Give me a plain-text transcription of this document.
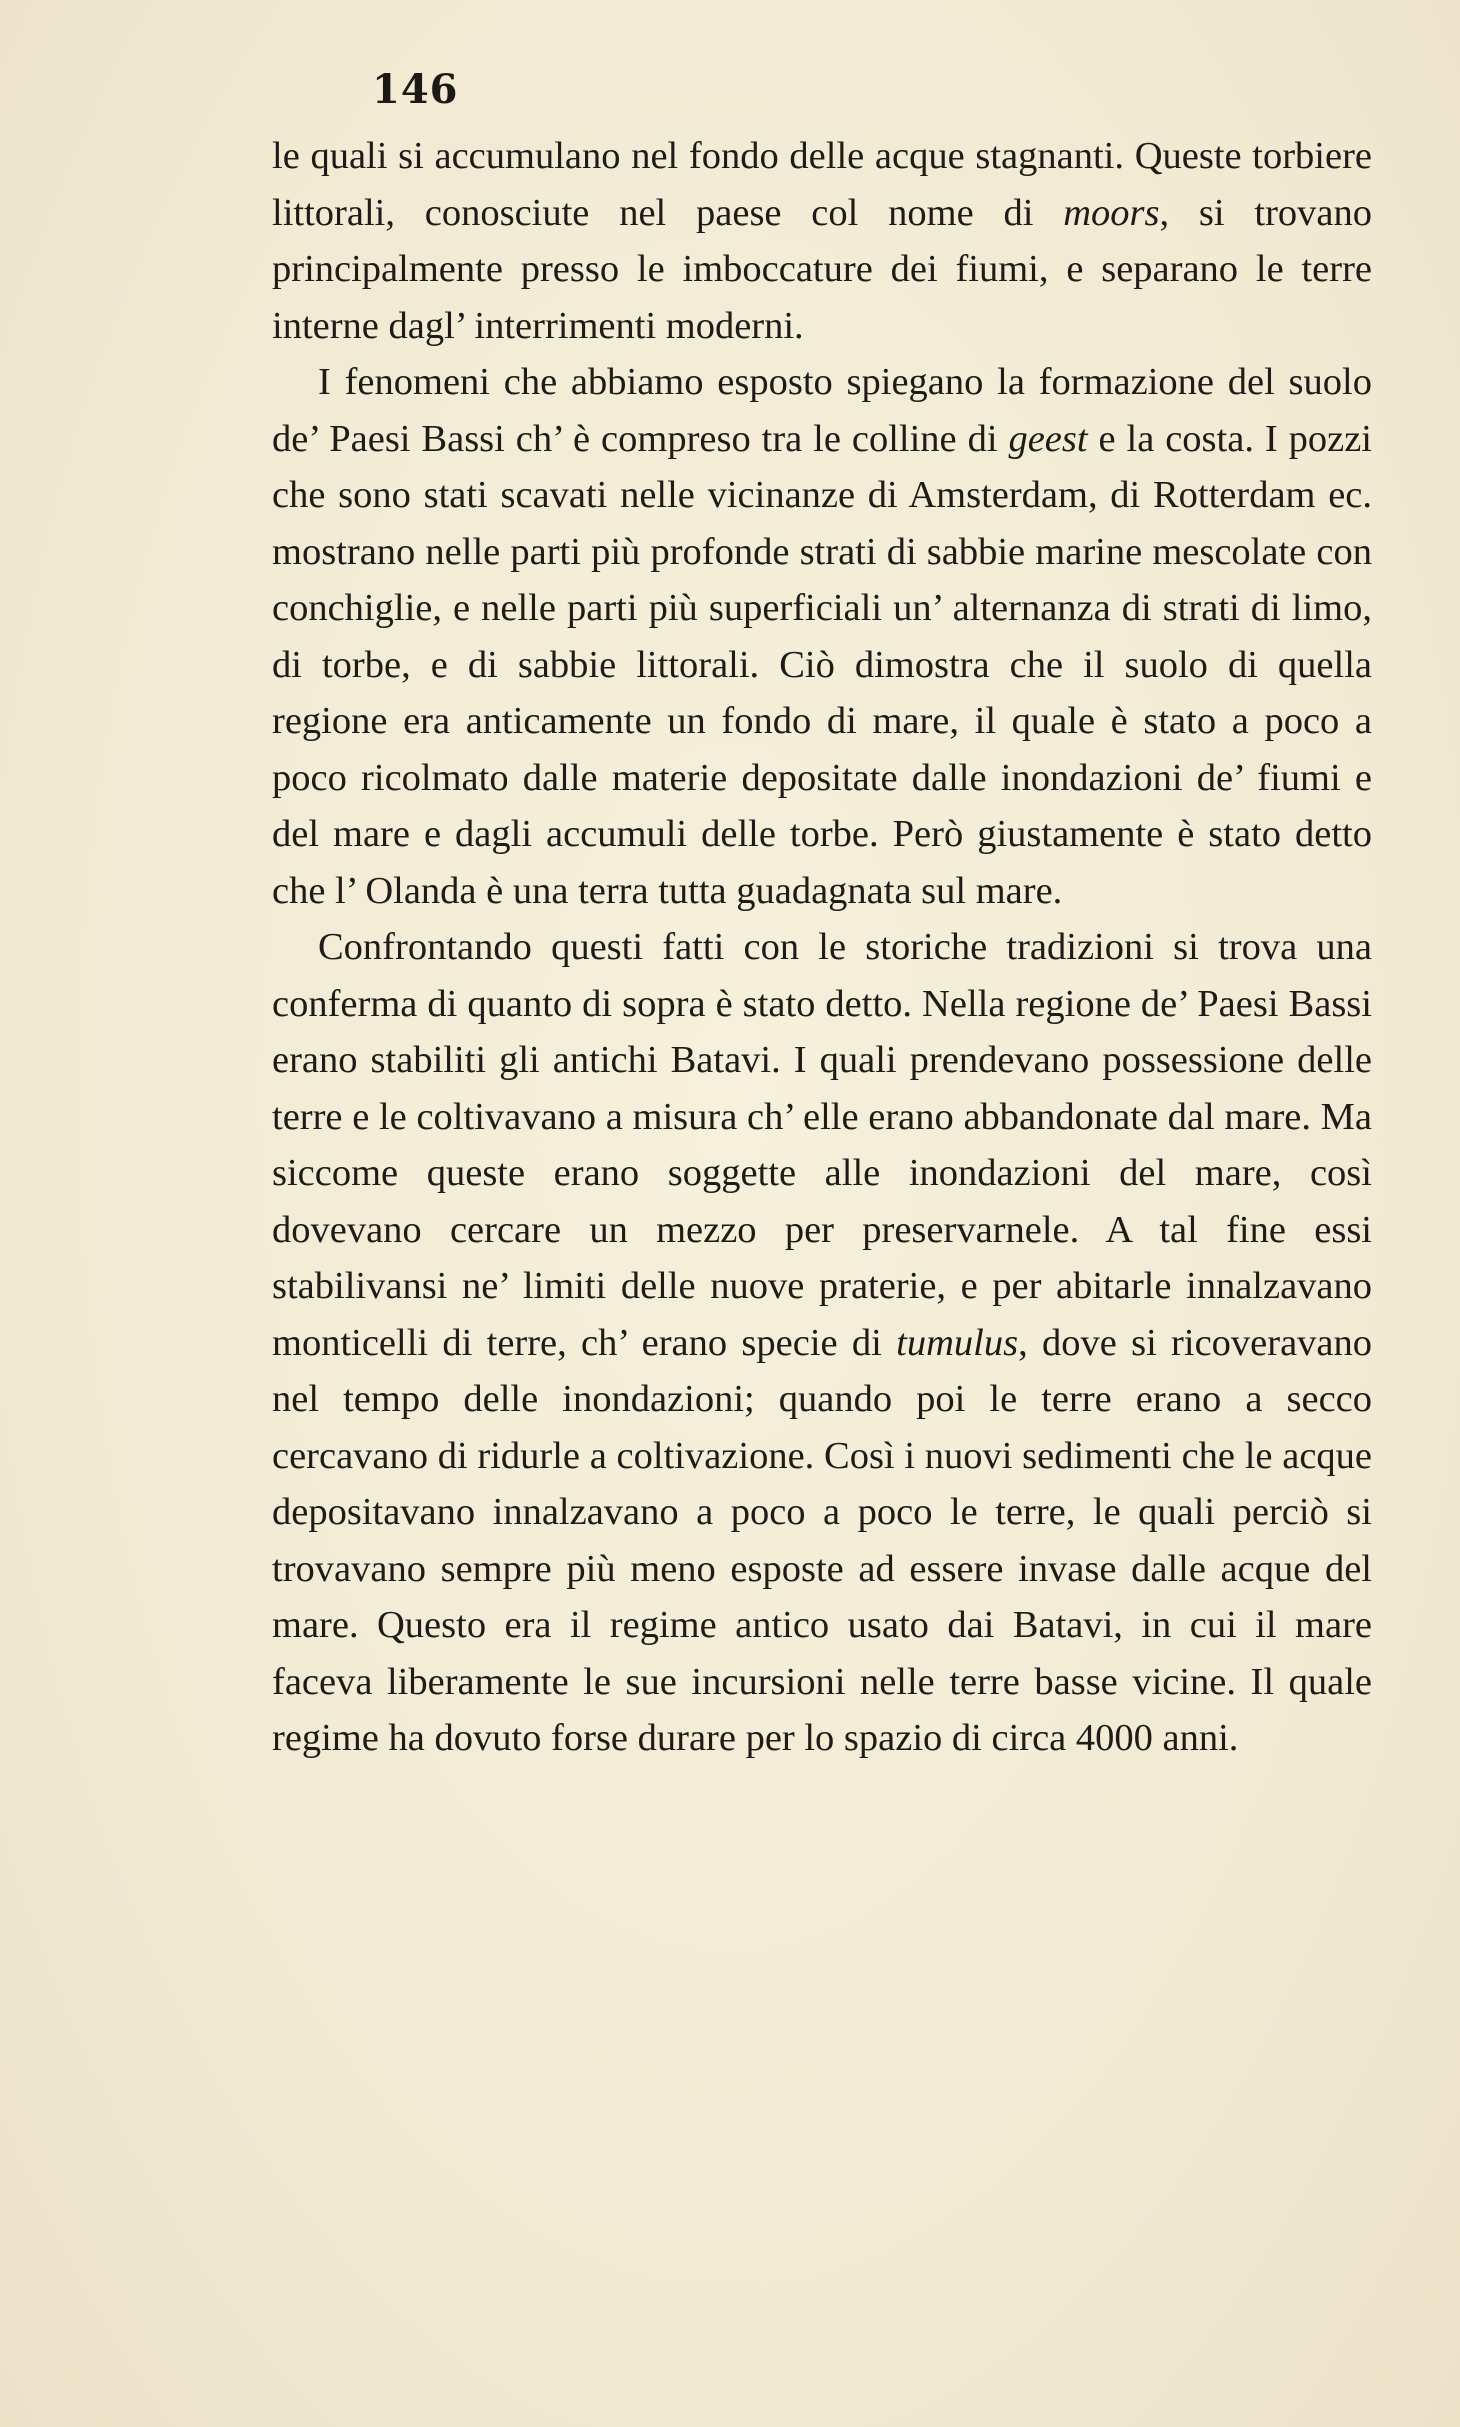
146

le quali si accumulano nel fondo delle acque stagnanti. Queste torbiere littorali, conosciute nel paese col nome di moors, si trovano principalmente presso le imboccature dei fiumi, e separano le terre interne dagl’ interrimenti moderni.

I fenomeni che abbiamo esposto spiegano la formazione del suolo de’ Paesi Bassi ch’ è compreso tra le colline di geest e la costa. I pozzi che sono stati scavati nelle vicinanze di Amsterdam, di Rotterdam ec. mostrano nelle parti più profonde strati di sabbie marine mescolate con conchiglie, e nelle parti più superficiali un’ alternanza di strati di limo, di torbe, e di sabbie littorali. Ciò dimostra che il suolo di quella regione era anticamente un fondo di mare, il quale è stato a poco a poco ricolmato dalle materie depositate dalle inondazioni de’ fiumi e del mare e dagli accumuli delle torbe. Però giustamente è stato detto che l’ Olanda è una terra tutta guadagnata sul mare.

Confrontando questi fatti con le storiche tradizioni si trova una conferma di quanto di sopra è stato detto. Nella regione de’ Paesi Bassi erano stabiliti gli antichi Batavi. I quali prendevano possessione delle terre e le coltivavano a misura ch’ elle erano abbandonate dal mare. Ma siccome queste erano soggette alle inondazioni del mare, così dovevano cercare un mezzo per preservarnele. A tal fine essi stabilivansi ne’ limiti delle nuove praterie, e per abitarle innalzavano monticelli di terre, ch’ erano specie di tumulus, dove si ricoveravano nel tempo delle inondazioni; quando poi le terre erano a secco cercavano di ridurle a coltivazione. Così i nuovi sedimenti che le acque depositavano innalzavano a poco a poco le terre, le quali perciò si trovavano sempre più meno esposte ad essere invase dalle acque del mare. Questo era il regime antico usato dai Batavi, in cui il mare faceva liberamente le sue incursioni nelle terre basse vicine. Il quale regime ha dovuto forse durare per lo spazio di circa 4000 anni.
